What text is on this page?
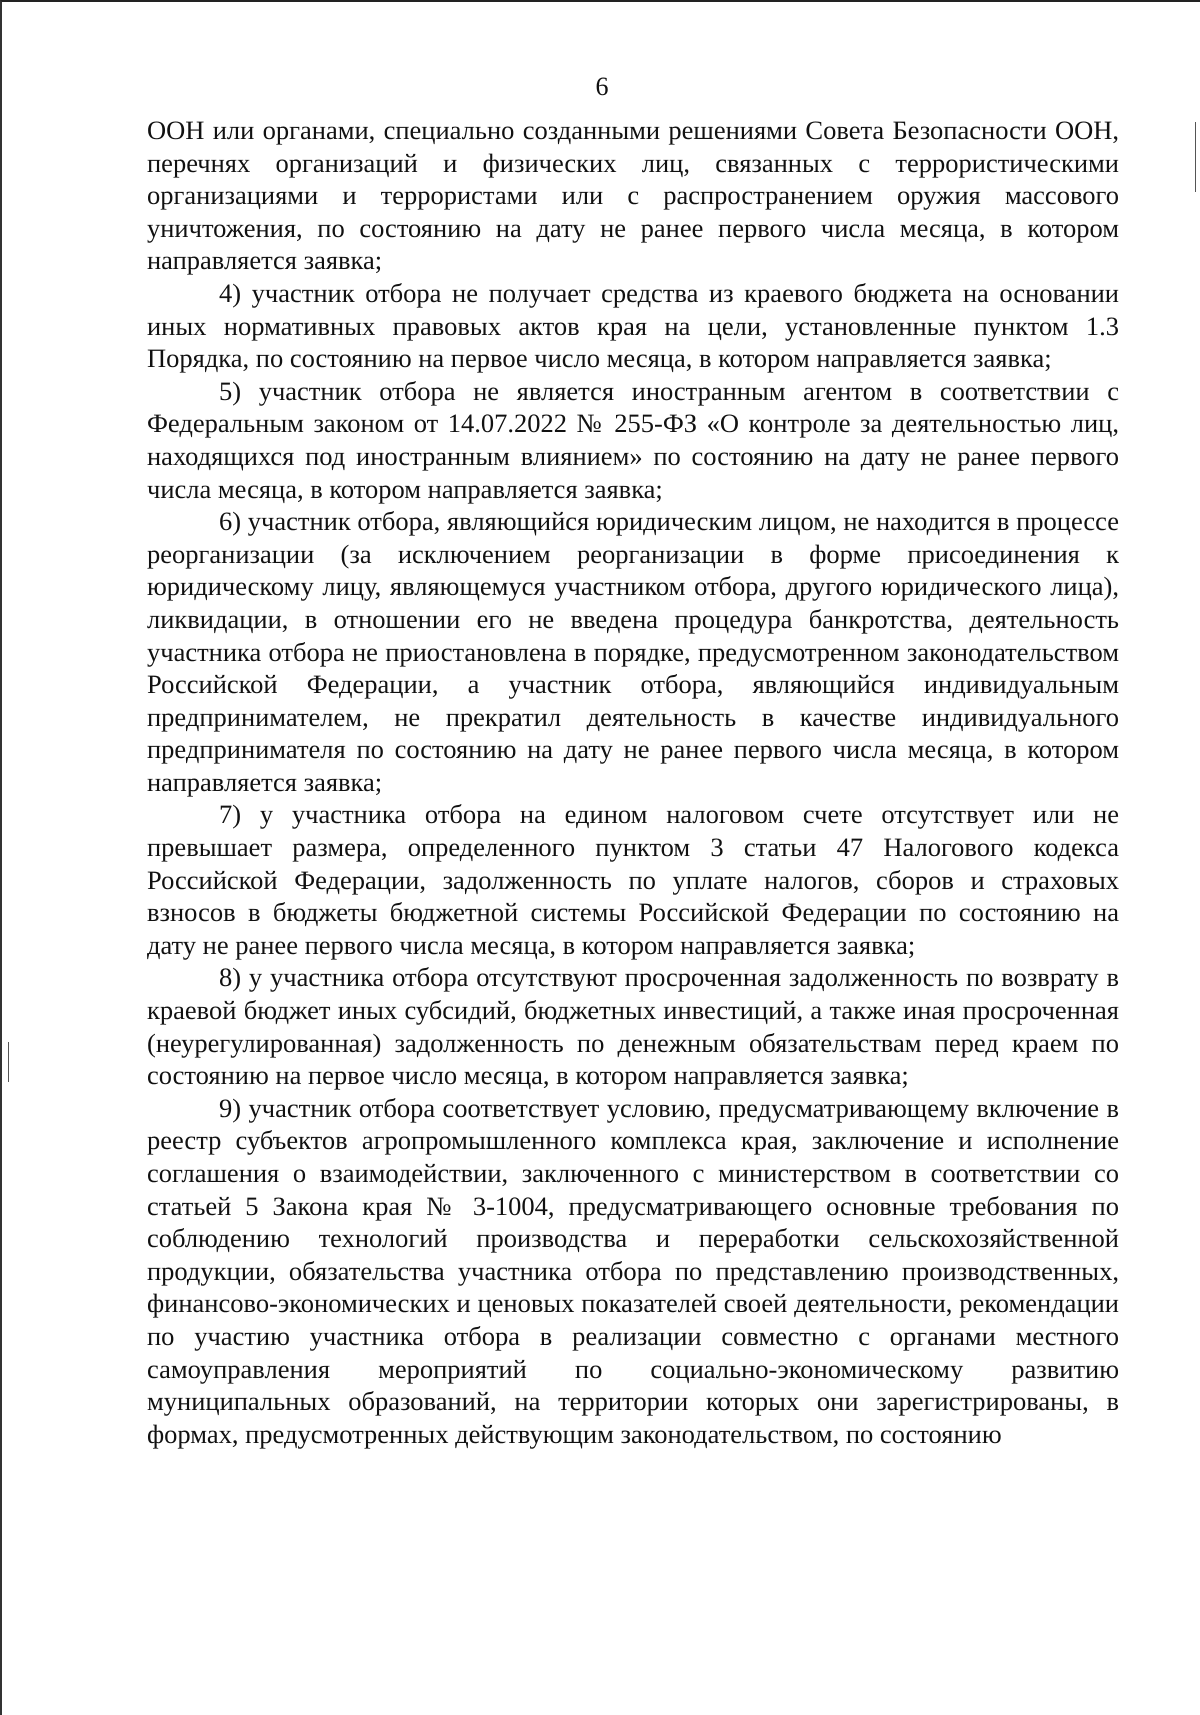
6

ООН или органами, специально созданными решениями Совета Безопасности ООН, перечнях организаций и физических лиц, связанных с террористическими организациями и террористами или с распространением оружия массового уничтожения, по состоянию на дату не ранее первого числа месяца, в котором направляется заявка;

4) участник отбора не получает средства из краевого бюджета на основании иных нормативных правовых актов края на цели, установленные пунктом 1.3 Порядка, по состоянию на первое число месяца, в котором направляется заявка;

5) участник отбора не является иностранным агентом в соответствии с Федеральным законом от 14.07.2022 № 255-ФЗ «О контроле за деятельностью лиц, находящихся под иностранным влиянием» по состоянию на дату не ранее первого числа месяца, в котором направляется заявка;

6) участник отбора, являющийся юридическим лицом, не находится в процессе реорганизации (за исключением реорганизации в форме присоединения к юридическому лицу, являющемуся участником отбора, другого юридического лица), ликвидации, в отношении его не введена процедура банкротства, деятельность участника отбора не приостановлена в порядке, предусмотренном законодательством Российской Федерации, а участник отбора, являющийся индивидуальным предпринимателем, не прекратил деятельность в качестве индивидуального предпринимателя по состоянию на дату не ранее первого числа месяца, в котором направляется заявка;

7) у участника отбора на едином налоговом счете отсутствует или не превышает размера, определенного пунктом 3 статьи 47 Налогового кодекса Российской Федерации, задолженность по уплате налогов, сборов и страховых взносов в бюджеты бюджетной системы Российской Федерации по состоянию на дату не ранее первого числа месяца, в котором направляется заявка;

8) у участника отбора отсутствуют просроченная задолженность по возврату в краевой бюджет иных субсидий, бюджетных инвестиций, а также иная просроченная (неурегулированная) задолженность по денежным обязательствам перед краем по состоянию на первое число месяца, в котором направляется заявка;

9) участник отбора соответствует условию, предусматривающему включение в реестр субъектов агропромышленного комплекса края, заключение и исполнение соглашения о взаимодействии, заключенного с министерством в соответствии со статьей 5 Закона края № 3-1004, предусматривающего основные требования по соблюдению технологий производства и переработки сельскохозяйственной продукции, обязательства участника отбора по представлению производственных, финансово-экономических и ценовых показателей своей деятельности, рекомендации по участию участника отбора в реализации совместно с органами местного самоуправления мероприятий по социально-экономическому развитию муниципальных образований, на территории которых они зарегистрированы, в формах, предусмотренных действующим законодательством, по состоянию
